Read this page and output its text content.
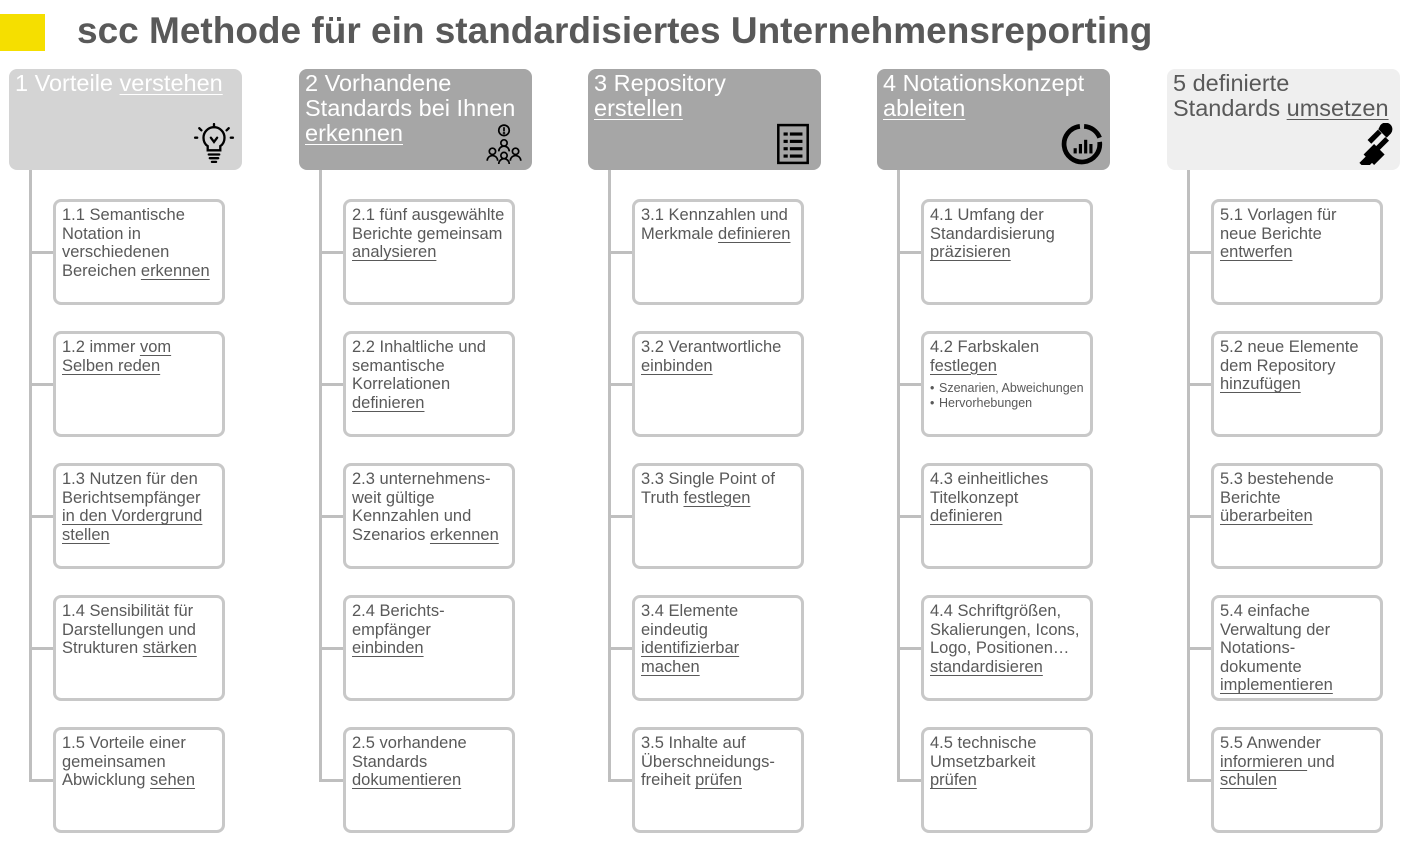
scc Methode für ein standardisiertes Unternehmensreporting
1 Vorteile verstehen
1.1 Semantische Notation in verschiedenen Bereichen erkennen
1.2 immer vom Selben reden
1.3 Nutzen für den Berichtsempfänger in den Vordergrund stellen
1.4 Sensibilität für Darstellungen und Strukturen stärken
1.5 Vorteile einer gemeinsamen Abwicklung sehen
2 Vorhandene Standards bei Ihnen erkennen
2.1 fünf ausgewählte Berichte gemeinsam analysieren
2.2 Inhaltliche und semantische Korrelationen definieren
2.3 unternehmens-weit gültige Kennzahlen und Szenarios erkennen
2.4 Berichts-empfänger einbinden
2.5 vorhandene Standards dokumentieren
3 Repository erstellen
3.1 Kennzahlen und Merkmale definieren
3.2 Verantwortliche einbinden
3.3 Single Point of Truth festlegen
3.4 Elemente eindeutig identifizierbar machen
3.5 Inhalte auf Überschneidungs-freiheit prüfen
4 Notationskonzept ableiten
4.1 Umfang der Standardisierung präzisieren
4.2 Farbskalen festlegen
• Szenarien, Abweichungen
• Hervorhebungen
4.3 einheitliches Titelkonzept definieren
4.4 Schriftgrößen, Skalierungen, Icons, Logo, Positionen… standardisieren
4.5 technische Umsetzbarkeit prüfen
5 definierte Standards umsetzen
5.1 Vorlagen für neue Berichte entwerfen
5.2 neue Elemente dem Repository hinzufügen
5.3 bestehende Berichte überarbeiten
5.4 einfache Verwaltung der Notations-dokumente implementieren
5.5 Anwender informieren und schulen
